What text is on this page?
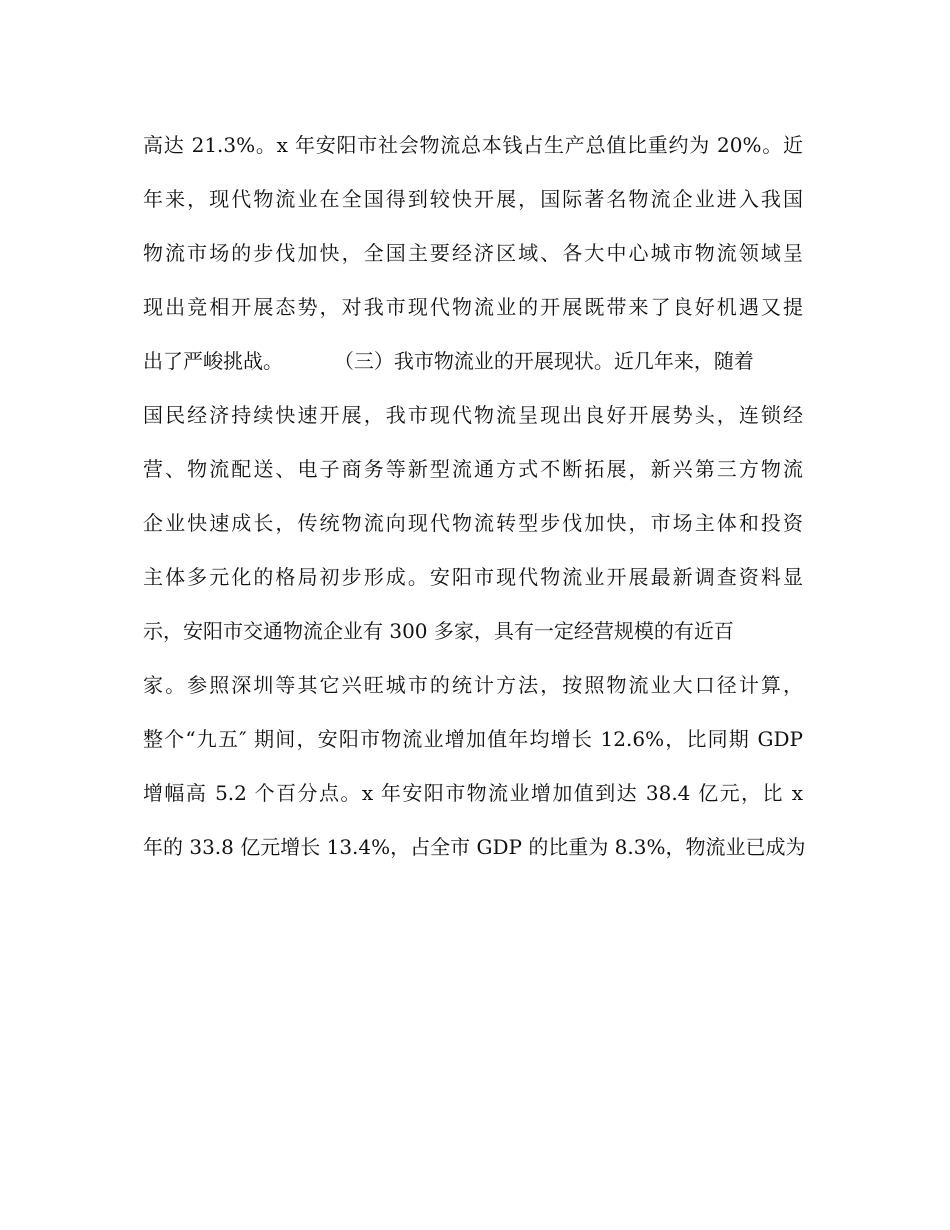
高达 21.3%。x 年安阳市社会物流总本钱占生产总值比重约为 20%。近
年来，现代物流业在全国得到较快开展，国际著名物流企业进入我国
物流市场的步伐加快，全国主要经济区域、各大中心城市物流领域呈
现出竞相开展态势，对我市现代物流业的开展既带来了良好机遇又提
出了严峻挑战。        （三）我市物流业的开展现状。近几年来，随着
国民经济持续快速开展，我市现代物流呈现出良好开展势头，连锁经
营、物流配送、电子商务等新型流通方式不断拓展，新兴第三方物流
企业快速成长，传统物流向现代物流转型步伐加快，市场主体和投资
主体多元化的格局初步形成。安阳市现代物流业开展最新调查资料显
示，安阳市交通物流企业有 300 多家，具有一定经营规模的有近百
家。参照深圳等其它兴旺城市的统计方法，按照物流业大口径计算，
整个“九五″ 期间，安阳市物流业增加值年均增长 12.6%，比同期 GDP
增幅高 5.2 个百分点。x 年安阳市物流业增加值到达 38.4 亿元，比 x
年的 33.8 亿元增长 13.4%，占全市 GDP 的比重为 8.3%，物流业已成为
